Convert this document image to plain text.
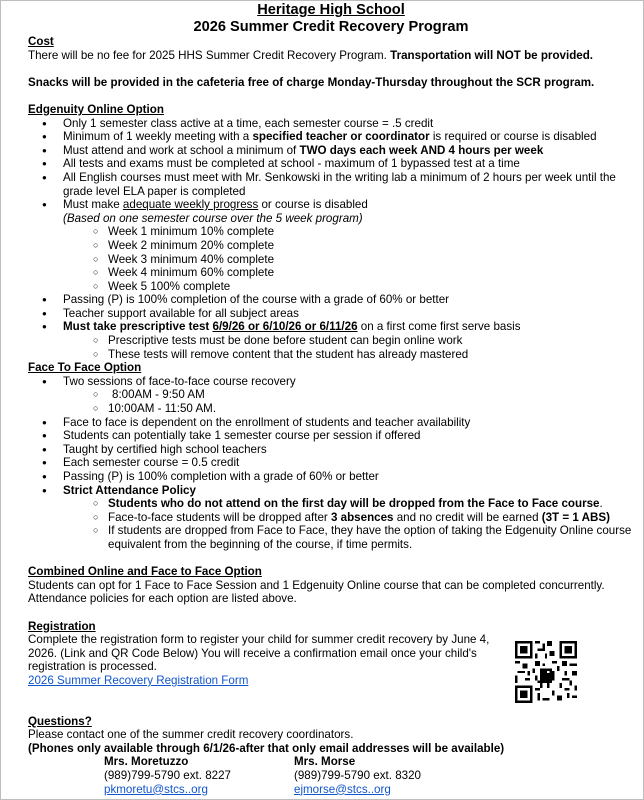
Heritage High School
2026 Summer Credit Recovery Program

Cost

There will be no fee for 2025 HHS Summer Credit Recovery Program. Transportation will NOT be provided.

Snacks will be provided in the cafeteria free of charge Monday-Thursday throughout the SCR program.

Edgenuity Online Option

● Only 1 semester class active at a time, each semester course = .5 credit
● Minimum of 1 weekly meeting with a specified teacher or coordinator is required or course is disabled
● Must attend and work at school a minimum of TWO days each week AND 4 hours per week
● All tests and exams must be completed at school - maximum of 1 bypassed test at a time
● All English courses must meet with Mr. Senkowski in the writing lab a minimum of 2 hours per week until the grade level ELA paper is completed
● Must make adequate weekly progress or course is disabled
(Based on one semester course over the 5 week program)
○ Week 1 minimum 10% complete
○ Week 2 minimum 20% complete
○ Week 3 minimum 40% complete
○ Week 4 minimum 60% complete
○ Week 5 100% complete
● Passing (P) is 100% completion of the course with a grade of 60% or better
● Teacher support available for all subject areas
● Must take prescriptive test 6/9/26 or 6/10/26 or 6/11/26 on a first come first serve basis
○ Prescriptive tests must be done before student can begin online work
○ These tests will remove content that the student has already mastered

Face To Face Option

● Two sessions of face-to-face course recovery
○ 8:00AM - 9:50 AM
○ 10:00AM - 11:50 AM.
● Face to face is dependent on the enrollment of students and teacher availability
● Students can potentially take 1 semester course per session if offered
● Taught by certified high school teachers
● Each semester course = 0.5 credit
● Passing (P) is 100% completion with a grade of 60% or better
● Strict Attendance Policy
○ Students who do not attend on the first day will be dropped from the Face to Face course.
○ Face-to-face students will be dropped after 3 absences and no credit will be earned (3T = 1 ABS)
○ If students are dropped from Face to Face, they have the option of taking the Edgenuity Online course equivalent from the beginning of the course, if time permits.

Combined Online and Face to Face Option

Students can opt for 1 Face to Face Session and 1 Edgenuity Online course that can be completed concurrently. Attendance policies for each option are listed above.

Registration

Complete the registration form to register your child for summer credit recovery by June 4, 2026. (Link and QR Code Below) You will receive a confirmation email once your child's registration is processed.

2026 Summer Recovery Registration Form

Questions?

Please contact one of the summer credit recovery coordinators.

(Phones only available through 6/1/26-after that only email addresses will be available)

Mrs. Moretuzzo
(989)799-5790 ext. 8227
pkmoretu@stcs..org
Mrs. Morse
(989)799-5790 ext. 8320
ejmorse@stcs..org
